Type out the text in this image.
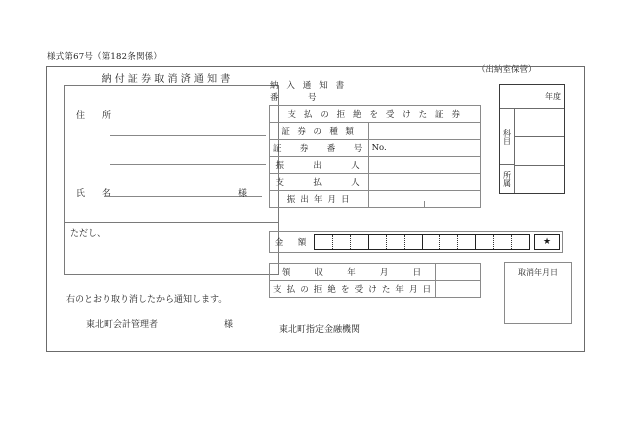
様式第67号（第182条関係）
（出納室保管）
納付証券取消済通知書
住　所
氏　名	様
ただし、
右のとおり取り消したから通知します。
東北町会計管理者	様
納 入 通 知 書
番	号
支 払 の 拒 絶 を 受 け た 証 券	
証 券 の 種 類	
証 　券 　番 　号	No.
振 　　出 　　人	
支 　　払 　　人	
振 出 年 月 日	
金　額	★
領　　収　　年　　月　　日	
支 払 の 拒 絶 を 受 け た 年 月 日	
東北町指定金融機関
年度
科目
所属
取消年月日
